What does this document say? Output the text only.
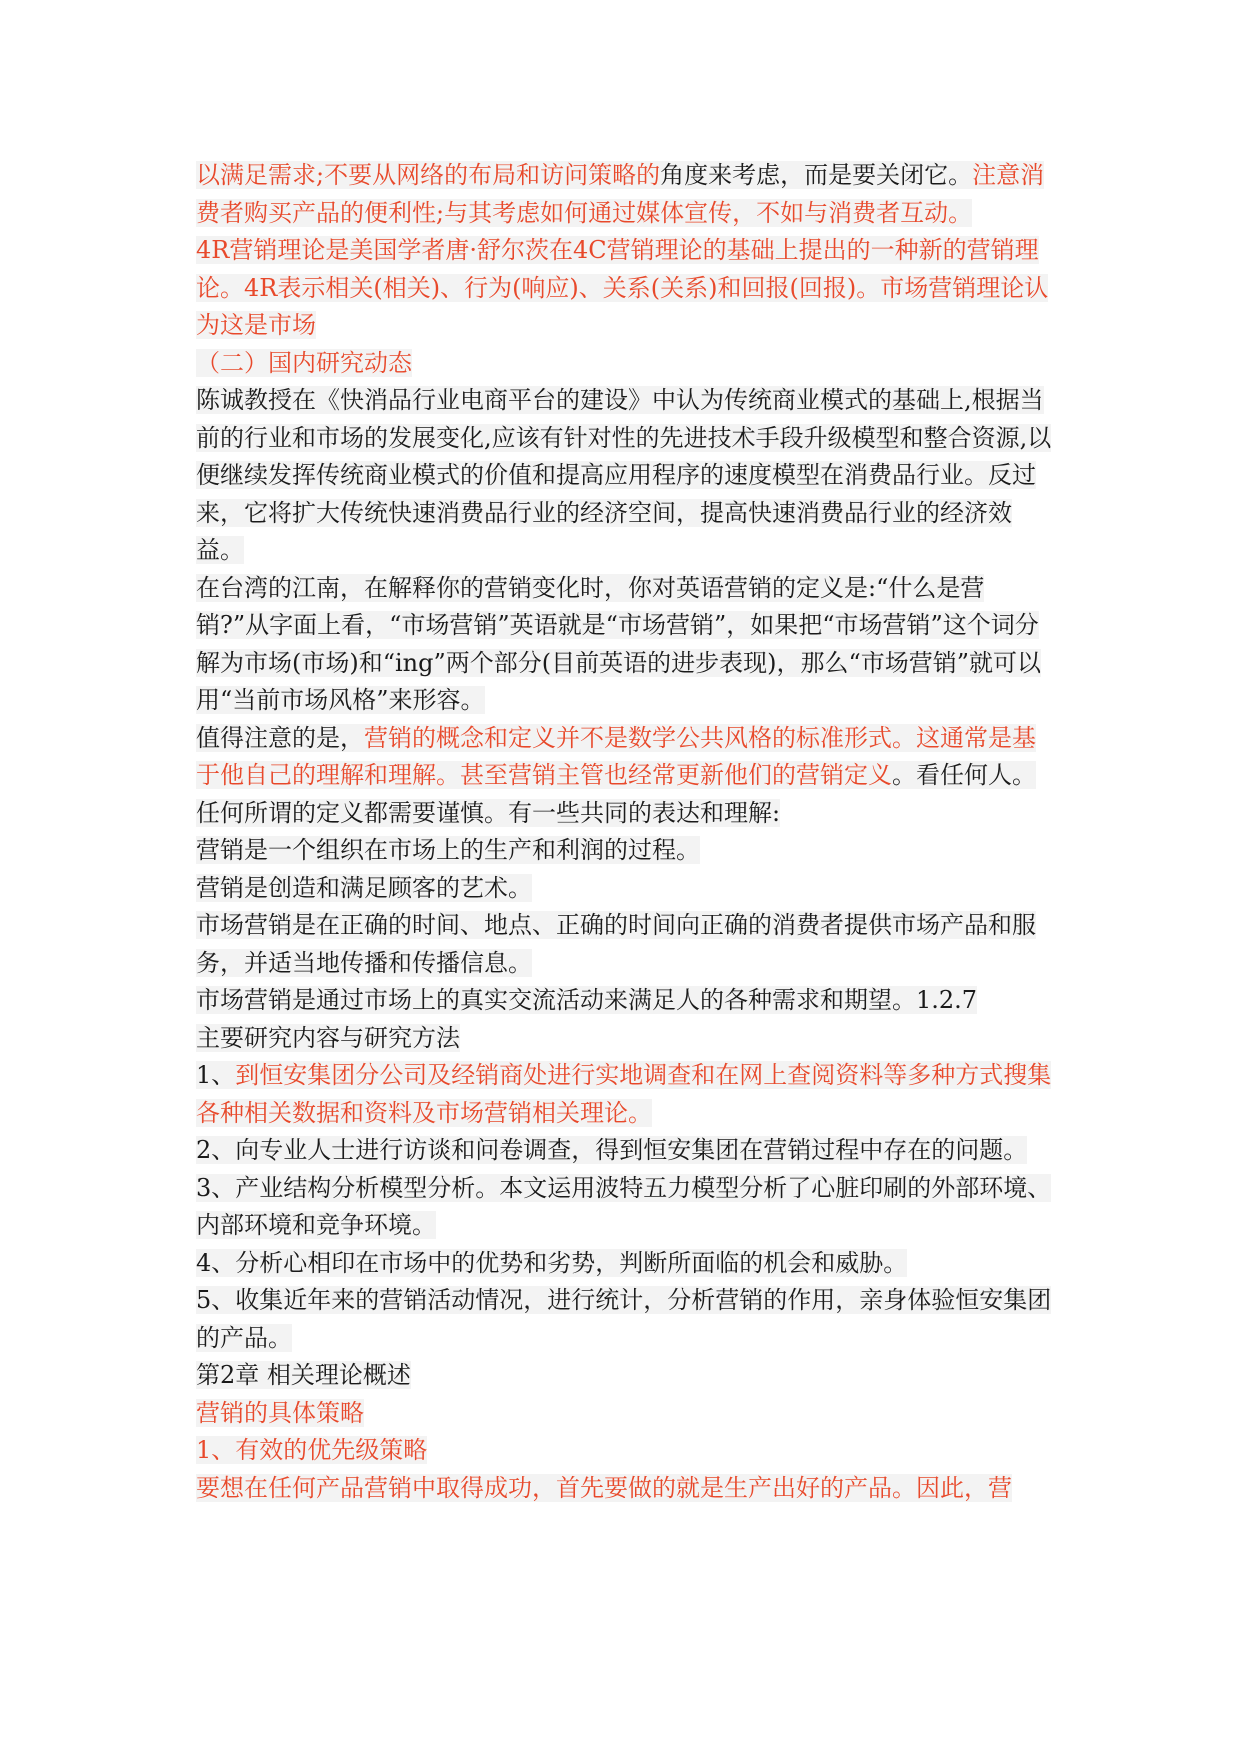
以满足需求;不要从网络的布局和访问策略的角度来考虑，而是要关闭它。注意消费者购买产品的便利性;与其考虑如何通过媒体宣传，不如与消费者互动。
4R营销理论是美国学者唐·舒尔茨在4C营销理论的基础上提出的一种新的营销理论。4R表示相关(相关)、行为(响应)、关系(关系)和回报(回报)。市场营销理论认为这是市场
（二）国内研究动态
陈诚教授在《快消品行业电商平台的建设》中认为传统商业模式的基础上,根据当前的行业和市场的发展变化,应该有针对性的先进技术手段升级模型和整合资源,以便继续发挥传统商业模式的价值和提高应用程序的速度模型在消费品行业。反过来，它将扩大传统快速消费品行业的经济空间，提高快速消费品行业的经济效益。
在台湾的江南，在解释你的营销变化时，你对英语营销的定义是:“什么是营销?”从字面上看，“市场营销”英语就是“市场营销”，如果把“市场营销”这个词分解为市场(市场)和“ing”两个部分(目前英语的进步表现)，那么“市场营销”就可以用“当前市场风格”来形容。
值得注意的是，营销的概念和定义并不是数学公共风格的标准形式。这通常是基于他自己的理解和理解。甚至营销主管也经常更新他们的营销定义。看任何人。任何所谓的定义都需要谨慎。有一些共同的表达和理解:
营销是一个组织在市场上的生产和利润的过程。
营销是创造和满足顾客的艺术。
市场营销是在正确的时间、地点、正确的时间向正确的消费者提供市场产品和服务，并适当地传播和传播信息。
市场营销是通过市场上的真实交流活动来满足人的各种需求和期望。1.2.7
主要研究内容与研究方法
1、到恒安集团分公司及经销商处进行实地调查和在网上查阅资料等多种方式搜集各种相关数据和资料及市场营销相关理论。
2、向专业人士进行访谈和问卷调查，得到恒安集团在营销过程中存在的问题。
3、产业结构分析模型分析。本文运用波特五力模型分析了心脏印刷的外部环境、内部环境和竞争环境。
4、分析心相印在市场中的优势和劣势，判断所面临的机会和威胁。
5、收集近年来的营销活动情况，进行统计，分析营销的作用，亲身体验恒安集团的产品。
第2章 相关理论概述
营销的具体策略
1、有效的优先级策略
要想在任何产品营销中取得成功，首先要做的就是生产出好的产品。因此，营
